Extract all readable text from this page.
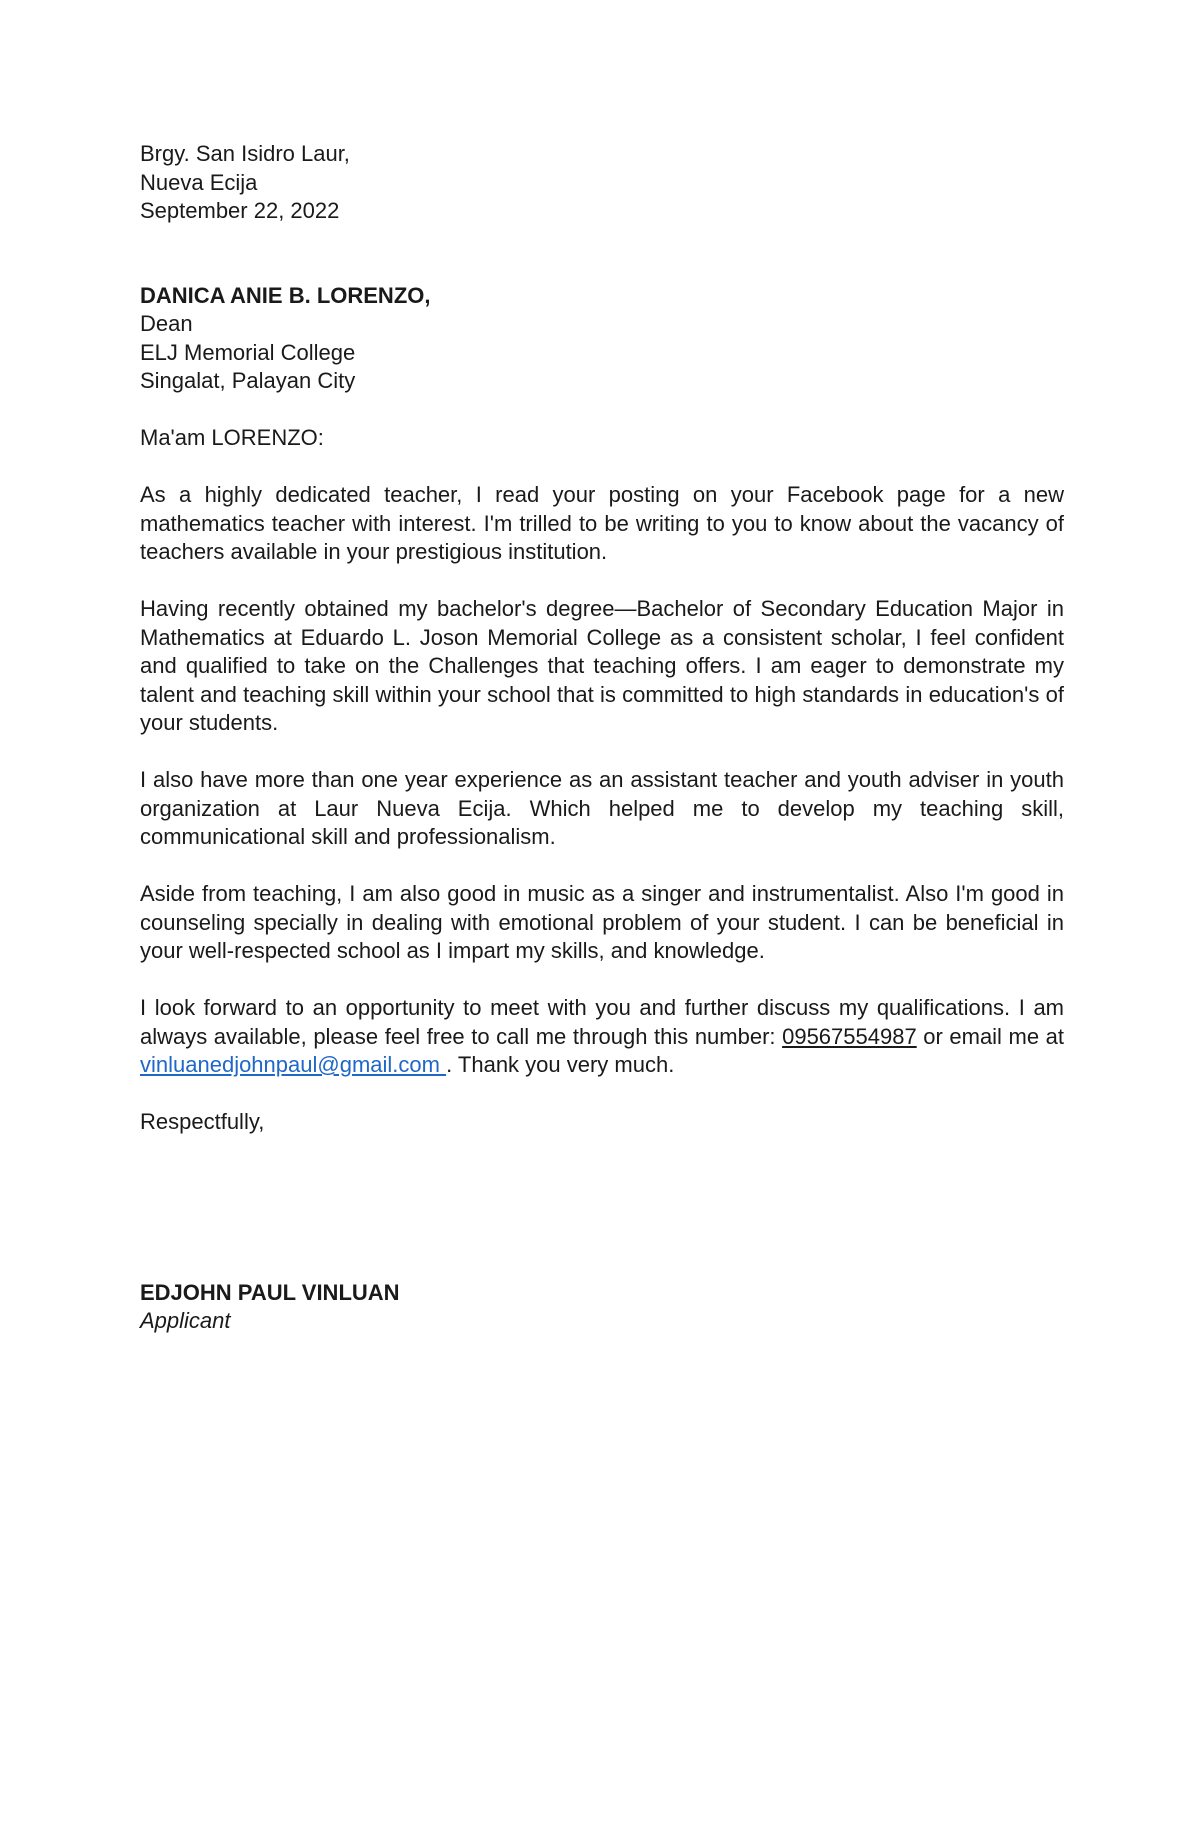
Brgy. San Isidro Laur,
Nueva Ecija
September 22, 2022
DANICA ANIE B. LORENZO,
Dean
ELJ Memorial College
Singalat, Palayan City

Ma'am LORENZO:

As a highly dedicated teacher, I read your posting on your Facebook page for a new mathematics teacher with interest. I'm trilled to be writing to you to know about the vacancy of teachers available in your prestigious institution.

Having recently obtained my bachelor's degree—Bachelor of Secondary Education Major in Mathematics at Eduardo L. Joson Memorial College as a consistent scholar, I feel confident and qualified to take on the Challenges that teaching offers. I am eager to demonstrate my talent and teaching skill within your school that is committed to high standards in education's of your students.

I also have more than one year experience as an assistant teacher and youth adviser in youth organization at Laur Nueva Ecija. Which helped me to develop my teaching skill, communicational skill and professionalism.

Aside from teaching, I am also good in music as a singer and instrumentalist. Also I'm good in counseling specially in dealing with emotional problem of your student. I can be beneficial in your well-respected school as I impart my skills, and knowledge.

I look forward to an opportunity to meet with you and further discuss my qualifications. I am always available, please feel free to call me through this number: 09567554987 or email me at vinluanedjohnpaul@gmail.com . Thank you very much.

Respectfully,

EDJOHN PAUL VINLUAN
Applicant
